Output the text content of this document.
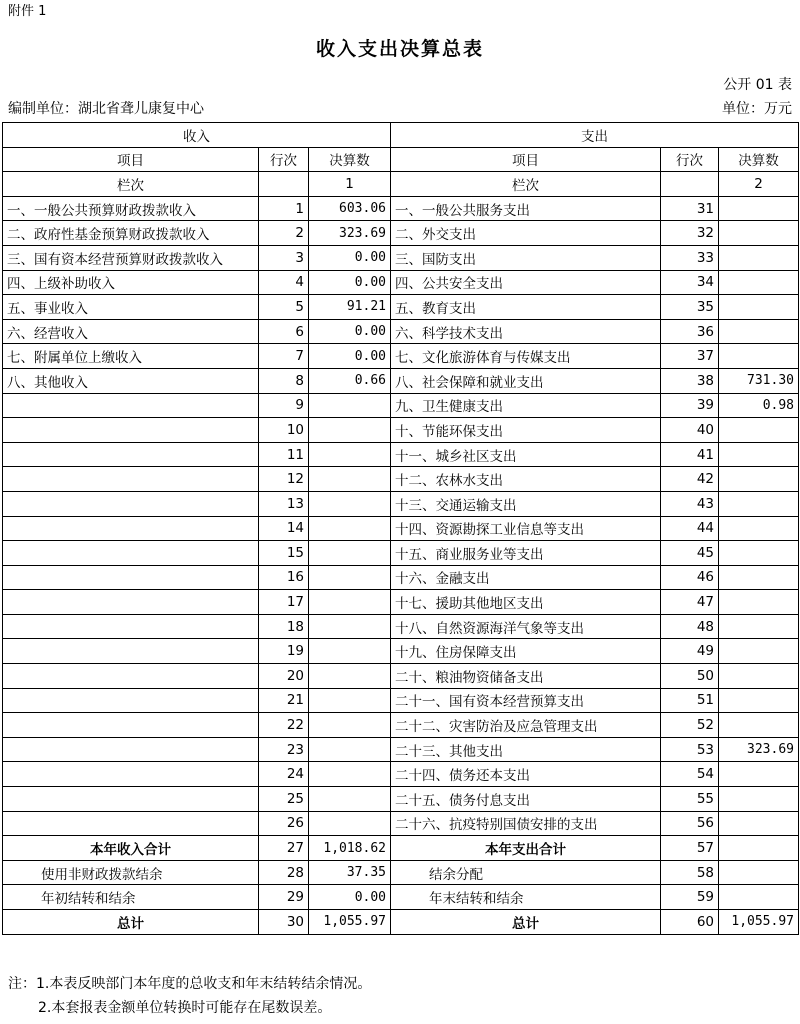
附件 1
收入支出决算总表
公开 01 表
编制单位：湖北省聋儿康复中心	单位：万元
收入			支出		
项目	行次	决算数	项目	行次	决算数
栏次		1	栏次		2
一、一般公共预算财政拨款收入	1	603.06	一、一般公共服务支出	31	
二、政府性基金预算财政拨款收入	2	323.69	二、外交支出	32	
三、国有资本经营预算财政拨款收入	3	0.00	三、国防支出	33	
四、上级补助收入	4	0.00	四、公共安全支出	34	
五、事业收入	5	91.21	五、教育支出	35	
六、经营收入	6	0.00	六、科学技术支出	36	
七、附属单位上缴收入	7	0.00	七、文化旅游体育与传媒支出	37	
八、其他收入	8	0.66	八、社会保障和就业支出	38	731.30
	9		九、卫生健康支出	39	0.98
	10		十、节能环保支出	40	
	11		十一、城乡社区支出	41	
	12		十二、农林水支出	42	
	13		十三、交通运输支出	43	
	14		十四、资源勘探工业信息等支出	44	
	15		十五、商业服务业等支出	45	
	16		十六、金融支出	46	
	17		十七、援助其他地区支出	47	
	18		十八、自然资源海洋气象等支出	48	
	19		十九、住房保障支出	49	
	20		二十、粮油物资储备支出	50	
	21		二十一、国有资本经营预算支出	51	
	22		二十二、灾害防治及应急管理支出	52	
	23		二十三、其他支出	53	323.69
	24		二十四、债务还本支出	54	
	25		二十五、债务付息支出	55	
	26		二十六、抗疫特别国债安排的支出	56	
本年收入合计	27	1,018.62	本年支出合计	57	
使用非财政拨款结余	28	37.35	结余分配	58	
年初结转和结余	29	0.00	年末结转和结余	59	
总计	30	1,055.97	总计	60	1,055.97
注：1.本表反映部门本年度的总收支和年末结转结余情况。
2.本套报表金额单位转换时可能存在尾数误差。
